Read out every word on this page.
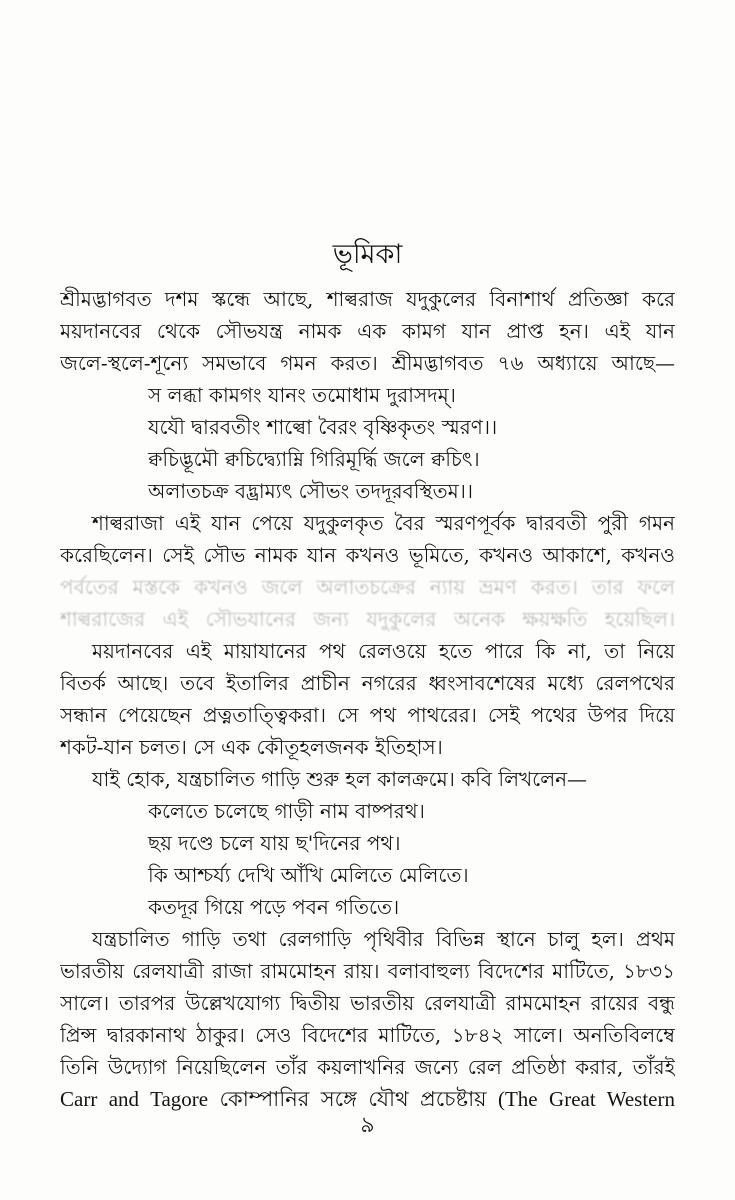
ভূমিকা
শ্রীমদ্ভাগবত দশম স্কন্ধে আছে, শাল্বরাজ যদুকুলের বিনাশার্থ প্রতিজ্ঞা করে
ময়দানবের থেকে সৌভযন্ত্র নামক এক কামগ যান প্রাপ্ত হন। এই যান
জলে-স্থলে-শূন্যে সমভাবে গমন করত। শ্রীমদ্ভাগবত ৭৬ অধ্যায়ে আছে—
স লব্ধা কামগং যানং তমোধাম দুরাসদম্।
যযৌ দ্বারবতীং শাল্বো বৈরং বৃষ্ণিকৃতং স্মরণ।।
ক্বচিদ্ভূমৌ ক্বচিদ্ব্যোম্নি গিরিমূর্দ্ধি জলে ক্বচিৎ।
অলাতচক্র বদ্ভ্রাম্যৎ সৌভং তদদূরবস্থিতম।।
শাল্বরাজা এই যান পেয়ে যদুকুলকৃত বৈর স্মরণপূর্বক দ্বারবতী পুরী গমন
করেছিলেন। সেই সৌভ নামক যান কখনও ভূমিতে, কখনও আকাশে, কখনও
পর্বতের মস্তকে কখনও জলে অলাতচক্রের ন্যায় ভ্রমণ করত। তার ফলে
শাল্বরাজের এই সৌভযানের জন্য যদুকুলের অনেক ক্ষয়ক্ষতি হয়েছিল।
ময়দানবের এই মায়াযানের পথ রেলওয়ে হতে পারে কি না, তা নিয়ে
বিতর্ক আছে। তবে ইতালির প্রাচীন নগরের ধ্বংসাবশেষের মধ্যে রেলপথের
সন্ধান পেয়েছেন প্রত্নতাত্ত্বিকরা। সে পথ পাথরের। সেই পথের উপর দিয়ে
শকট-যান চলত। সে এক কৌতূহলজনক ইতিহাস।
যাই হোক, যন্ত্রচালিত গাড়ি শুরু হল কালক্রমে। কবি লিখলেন—
কলেতে চলেছে গাড়ী নাম বাষ্পরথ।
ছয় দণ্ডে চলে যায় ছ'দিনের পথ।
কি আশ্চর্য্য দেখি আঁখি মেলিতে মেলিতে।
কতদূর গিয়ে পড়ে পবন গতিতে।
যন্ত্রচালিত গাড়ি তথা রেলগাড়ি পৃথিবীর বিভিন্ন স্থানে চালু হল। প্রথম
ভারতীয় রেলযাত্রী রাজা রামমোহন রায়। বলাবাহুল্য বিদেশের মাটিতে, ১৮৩১
সালে। তারপর উল্লেখযোগ্য দ্বিতীয় ভারতীয় রেলযাত্রী রামমোহন রায়ের বন্ধু
প্রিন্স দ্বারকানাথ ঠাকুর। সেও বিদেশের মাটিতে, ১৮৪২ সালে। অনতিবিলম্বে
তিনি উদ্যোগ নিয়েছিলেন তাঁর কয়লাখনির জন্যে রেল প্রতিষ্ঠা করার, তাঁরই
Carr and Tagore কোম্পানির সঙ্গে যৌথ প্রচেষ্টায় (The Great Western
৯
